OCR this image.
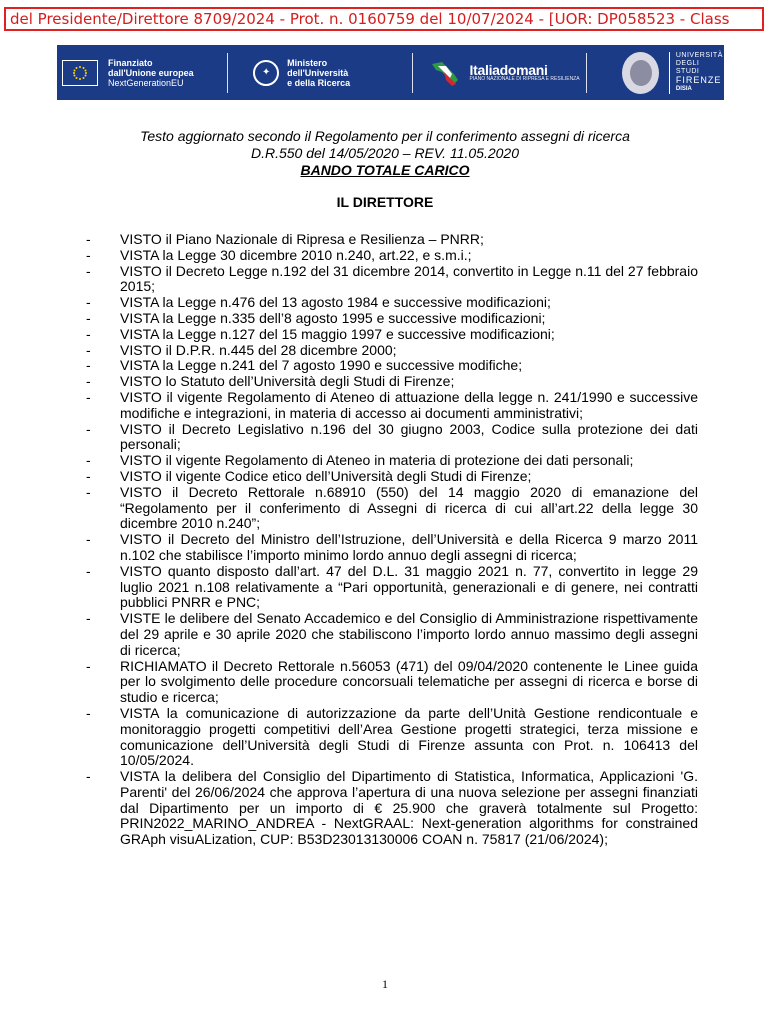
del Presidente/Direttore 8709/2024 - Prot. n. 0160759 del 10/07/2024 - [UOR: DP058523 - Class
Finanziato
dall'Unione europea
NextGenerationEU
✦
Ministero
dell'Università
e della Ricerca
Italiadomani
PIANO NAZIONALE DI RIPRESA E RESILIENZA
UNIVERSITÀ
DEGLI STUDI
FIRENZE
DISIA
Testo aggiornato secondo il Regolamento per il conferimento assegni di ricerca
D.R.550 del 14/05/2020 – REV. 11.05.2020
BANDO TOTALE CARICO
IL DIRETTORE
- VISTO il Piano Nazionale di Ripresa e Resilienza – PNRR;
- VISTA la Legge 30 dicembre 2010 n.240, art.22, e s.m.i.;
- VISTO il Decreto Legge n.192 del 31 dicembre 2014, convertito in Legge n.11 del 27 febbraio 2015;
- VISTA la Legge n.476 del 13 agosto 1984 e successive modificazioni;
- VISTA la Legge n.335 dell’8 agosto 1995 e successive modificazioni;
- VISTA la Legge n.127 del 15 maggio 1997 e successive modificazioni;
- VISTO il D.P.R. n.445 del 28 dicembre 2000;
- VISTA la Legge n.241 del 7 agosto 1990 e successive modifiche;
- VISTO lo Statuto dell’Università degli Studi di Firenze;
- VISTO il vigente Regolamento di Ateneo di attuazione della legge n. 241/1990 e successive modifiche e integrazioni, in materia di accesso ai documenti amministrativi;
- VISTO il Decreto Legislativo n.196 del 30 giugno 2003, Codice sulla protezione dei dati personali;
- VISTO il vigente Regolamento di Ateneo in materia di protezione dei dati personali;
- VISTO il vigente Codice etico dell’Università degli Studi di Firenze;
- VISTO il Decreto Rettorale n.68910 (550) del 14 maggio 2020 di emanazione del “Regolamento per il conferimento di Assegni di ricerca di cui all’art.22 della legge 30 dicembre 2010 n.240”;
- VISTO il Decreto del Ministro dell’Istruzione, dell’Università e della Ricerca 9 marzo 2011 n.102 che stabilisce l’importo minimo lordo annuo degli assegni di ricerca;
- VISTO quanto disposto dall’art. 47 del D.L. 31 maggio 2021 n. 77, convertito in legge 29 luglio 2021 n.108 relativamente a “Pari opportunità, generazionali e di genere, nei contratti pubblici PNRR e PNC;
- VISTE le delibere del Senato Accademico e del Consiglio di Amministrazione rispettivamente del 29 aprile e 30 aprile 2020 che stabiliscono l’importo lordo annuo massimo degli assegni di ricerca;
- RICHIAMATO il Decreto Rettorale n.56053 (471) del 09/04/2020 contenente le Linee guida per lo svolgimento delle procedure concorsuali telematiche per assegni di ricerca e borse di studio e ricerca;
- VISTA la comunicazione di autorizzazione da parte dell’Unità Gestione rendicontuale e monitoraggio progetti competitivi dell’Area Gestione progetti strategici, terza missione e comunicazione dell’Università degli Studi di Firenze assunta con Prot. n. 106413 del 10/05/2024.
- VISTA la delibera del Consiglio del Dipartimento di Statistica, Informatica, Applicazioni 'G. Parenti' del 26/06/2024 che approva l’apertura di una nuova selezione per assegni finanziati dal Dipartimento per un importo di € 25.900 che graverà totalmente sul Progetto: PRIN2022_MARINO_ANDREA - NextGRAAL: Next-generation algorithms for constrained GRAph visuALization, CUP: B53D23013130006 COAN n. 75817 (21/06/2024);
1
